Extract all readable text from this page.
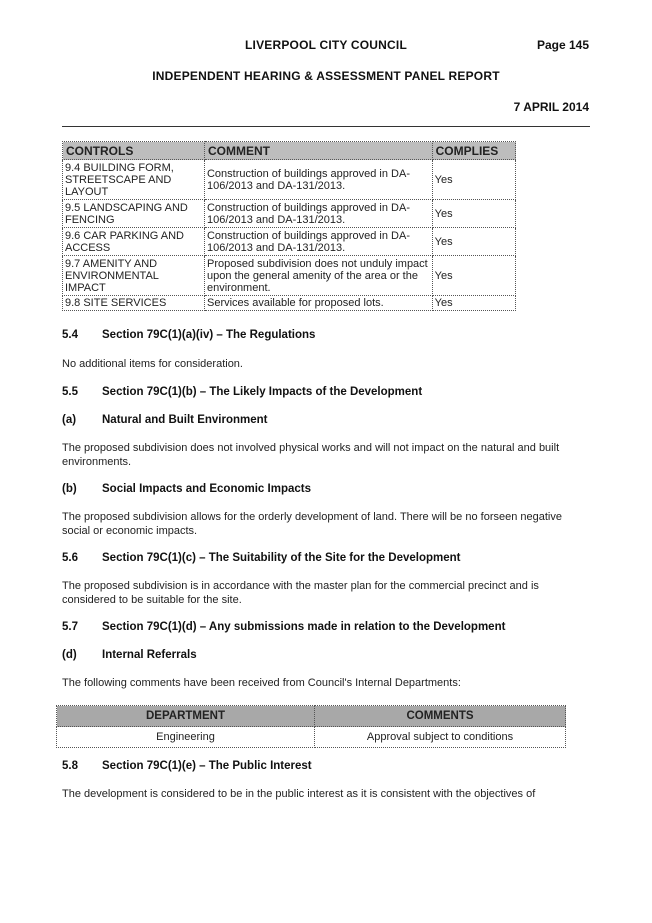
LIVERPOOL CITY COUNCIL	Page 145
INDEPENDENT HEARING & ASSESSMENT PANEL REPORT
7 APRIL 2014
CONTROLS	COMMENT	COMPLIES
9.4 BUILDING FORM, STREETSCAPE AND LAYOUT	Construction of buildings approved in DA-106/2013 and DA-131/2013.	Yes
9.5 LANDSCAPING AND FENCING	Construction of buildings approved in DA-106/2013 and DA-131/2013.	Yes
9.6 CAR PARKING AND ACCESS	Construction of buildings approved in DA-106/2013 and DA-131/2013.	Yes
9.7 AMENITY AND ENVIRONMENTAL IMPACT	Proposed subdivision does not unduly impact upon the general amenity of the area or the environment.	Yes
9.8 SITE SERVICES	Services available for proposed lots.	Yes
5.4 Section 79C(1)(a)(iv) – The Regulations
No additional items for consideration.
5.5 Section 79C(1)(b) – The Likely Impacts of the Development
(a) Natural and Built Environment
The proposed subdivision does not involved physical works and will not impact on the natural and built environments.
(b) Social Impacts and Economic Impacts
The proposed subdivision allows for the orderly development of land. There will be no forseen negative social or economic impacts.
5.6 Section 79C(1)(c) – The Suitability of the Site for the Development
The proposed subdivision is in accordance with the master plan for the commercial precinct and is considered to be suitable for the site.
5.7 Section 79C(1)(d) – Any submissions made in relation to the Development
(d) Internal Referrals
The following comments have been received from Council's Internal Departments:
DEPARTMENT	COMMENTS
Engineering	Approval subject to conditions
5.8 Section 79C(1)(e) – The Public Interest
The development is considered to be in the public interest as it is consistent with the objectives of
